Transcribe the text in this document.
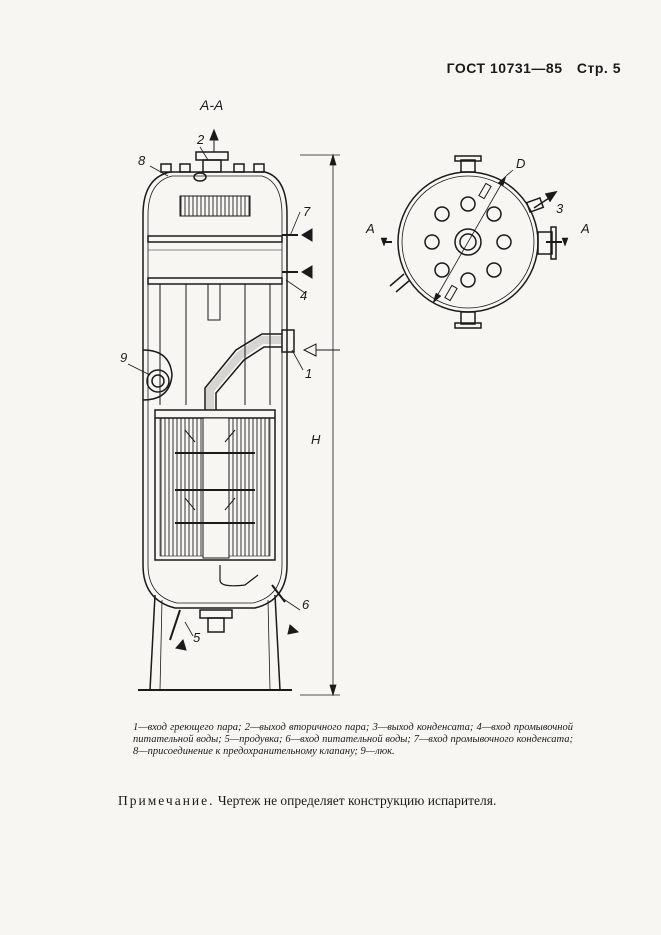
ГОСТ 10731—85 Стр. 5
А-А
А	А
D
H
1
2
3
4
5
6
7
8
9
1—вход греющего пара; 2—выход вторичного пара; 3—выход конденсата; 4—вход промывочной питательной воды; 5—продувка; 6—вход питательной воды; 7—вход промывочного конденсата; 8—присоединение к предохранительному клапану; 9—люк.
Примечание. Чертеж не определяет конструкцию испарителя.
